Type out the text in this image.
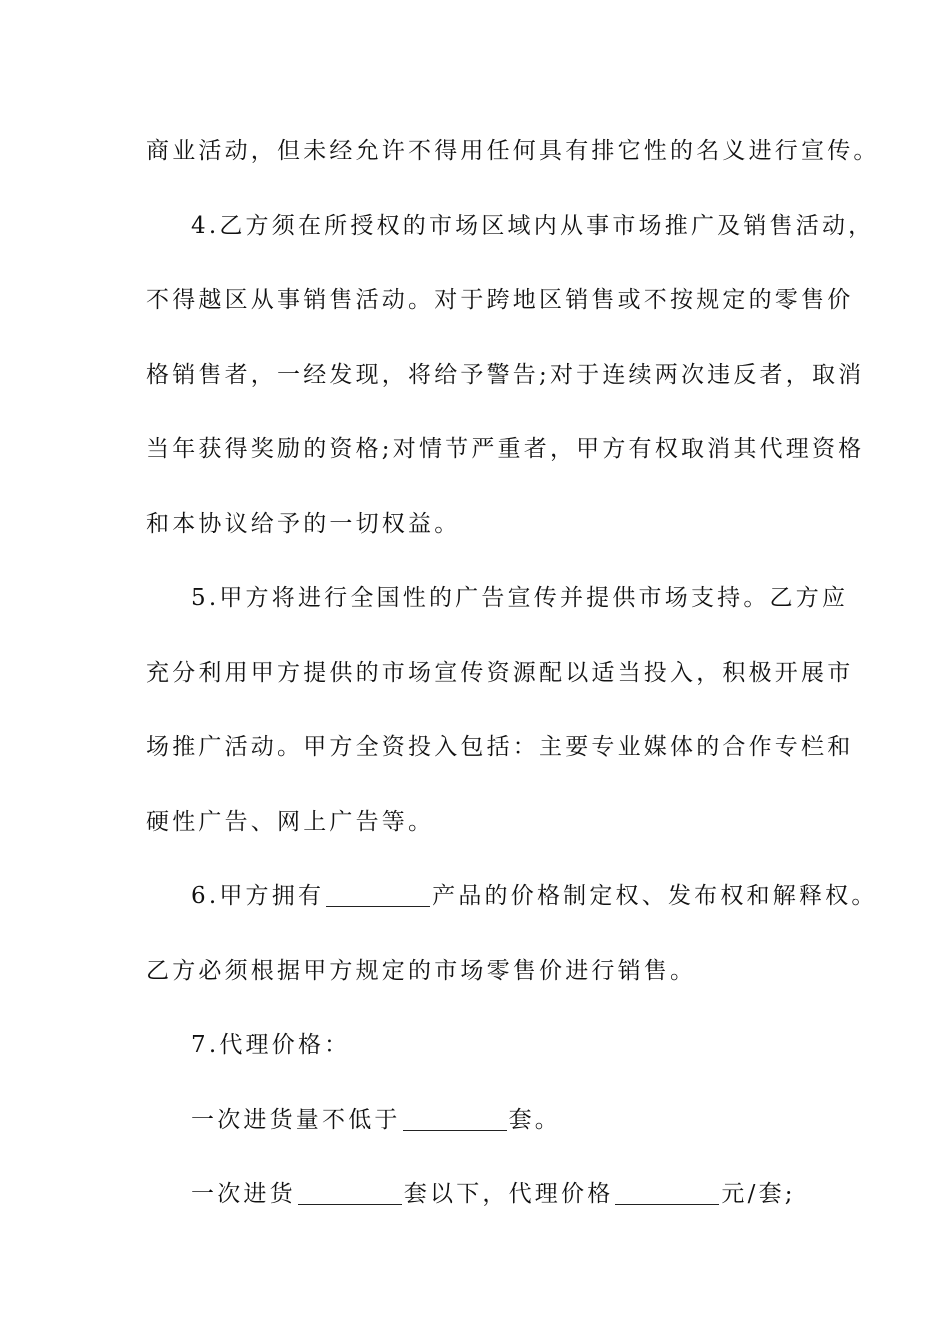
商业活动，但未经允许不得用任何具有排它性的名义进行宣传。
4.乙方须在所授权的市场区域内从事市场推广及销售活动，
不得越区从事销售活动。对于跨地区销售或不按规定的零售价
格销售者，一经发现，将给予警告;对于连续两次违反者，取消
当年获得奖励的资格;对情节严重者，甲方有权取消其代理资格
和本协议给予的一切权益。
5.甲方将进行全国性的广告宣传并提供市场支持。乙方应
充分利用甲方提供的市场宣传资源配以适当投入，积极开展市
场推广活动。甲方全资投入包括：主要专业媒体的合作专栏和
硬性广告、网上广告等。
6.甲方拥有	产品的价格制定权、发布权和解释权。
乙方必须根据甲方规定的市场零售价进行销售。
7.代理价格：
一次进货量不低于	套。
一次进货	套以下，代理价格	元/套;
